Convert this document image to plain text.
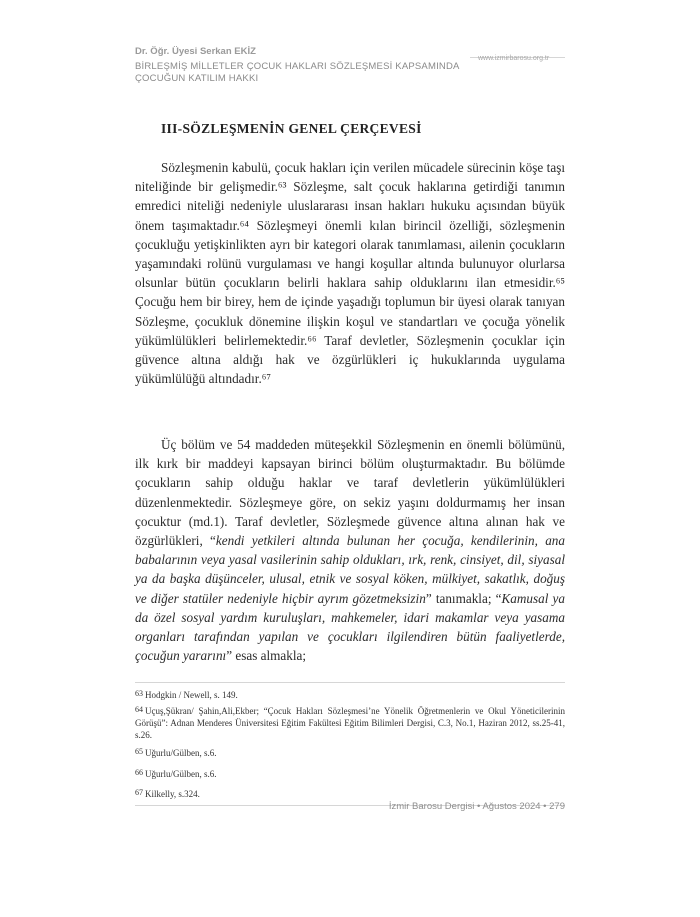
Dr. Öğr. Üyesi Serkan EKİZ
www.izmirbarosu.org.tr
BİRLEŞMİŞ MİLLETLER ÇOCUK HAKLARI SÖZLEŞMESİ KAPSAMINDA
ÇOCUĞUN KATILIM HAKKI
III-SÖZLEŞMENİN GENEL ÇERÇEVESİ

Sözleşmenin kabulü, çocuk hakları için verilen mücadele sürecinin köşe taşı niteliğinde bir gelişmedir.⁶³ Sözleşme, salt çocuk haklarına getirdiği tanımın emredici niteliği nedeniyle uluslararası insan hakları hukuku açısından büyük önem taşımaktadır.⁶⁴ Sözleşmeyi önemli kılan birincil özelliği, sözleşmenin çocukluğu yetişkinlikten ayrı bir kategori olarak tanımlaması, ailenin çocukların yaşamındaki rolünü vurgulaması ve hangi koşullar altında bulunuyor olurlarsa olsunlar bütün çocukların belirli haklara sahip olduklarını ilan etmesidir.⁶⁵ Çocuğu hem bir birey, hem de içinde yaşadığı toplumun bir üyesi olarak tanıyan Sözleşme, çocukluk dönemine ilişkin koşul ve standartları ve çocuğa yönelik yükümlülükleri belirlemektedir.⁶⁶ Taraf devletler, Sözleşmenin çocuklar için güvence altına aldığı hak ve özgürlükleri iç hukuklarında uygulama yükümlülüğü altındadır.⁶⁷

Üç bölüm ve 54 maddeden müteşekkil Sözleşmenin en önemli bölümünü, ilk kırk bir maddeyi kapsayan birinci bölüm oluşturmaktadır. Bu bölümde çocukların sahip olduğu haklar ve taraf devletlerin yükümlülükleri düzenlenmektedir. Sözleşmeye göre, on sekiz yaşını doldurmamış her insan çocuktur (md.1). Taraf devletler, Sözleşmede güvence altına alınan hak ve özgürlükleri, “kendi yetkileri altında bulunan her çocuğa, kendilerinin, ana babalarının veya yasal vasilerinin sahip oldukları, ırk, renk, cinsiyet, dil, siyasal ya da başka düşünceler, ulusal, etnik ve sosyal köken, mülkiyet, sakatlık, doğuş ve diğer statüler nedeniyle hiçbir ayrım gözetmeksizin” tanımakla; “Kamusal ya da özel sosyal yardım kuruluşları, mahkemeler, idari makamlar veya yasama organları tarafından yapılan ve çocukları ilgilendiren bütün faaliyetlerde, çocuğun yararını” esas almakla;

63 Hodgkin / Newell, s. 149.
64 Uçuş,Şükran/ Şahin,Ali,Ekber; “Çocuk Hakları Sözleşmesi’ne Yönelik Öğretmenlerin ve Okul Yöneticilerinin Görüşü”: Adnan Menderes Üniversitesi Eğitim Fakültesi Eğitim Bilimleri Dergisi, C.3, No.1, Haziran 2012, ss.25-41, s.26.
65 Uğurlu/Gülben, s.6.
66 Uğurlu/Gülben, s.6.
67 Kilkelly, s.324.
İzmir Barosu Dergisi • Ağustos 2024 • 279
